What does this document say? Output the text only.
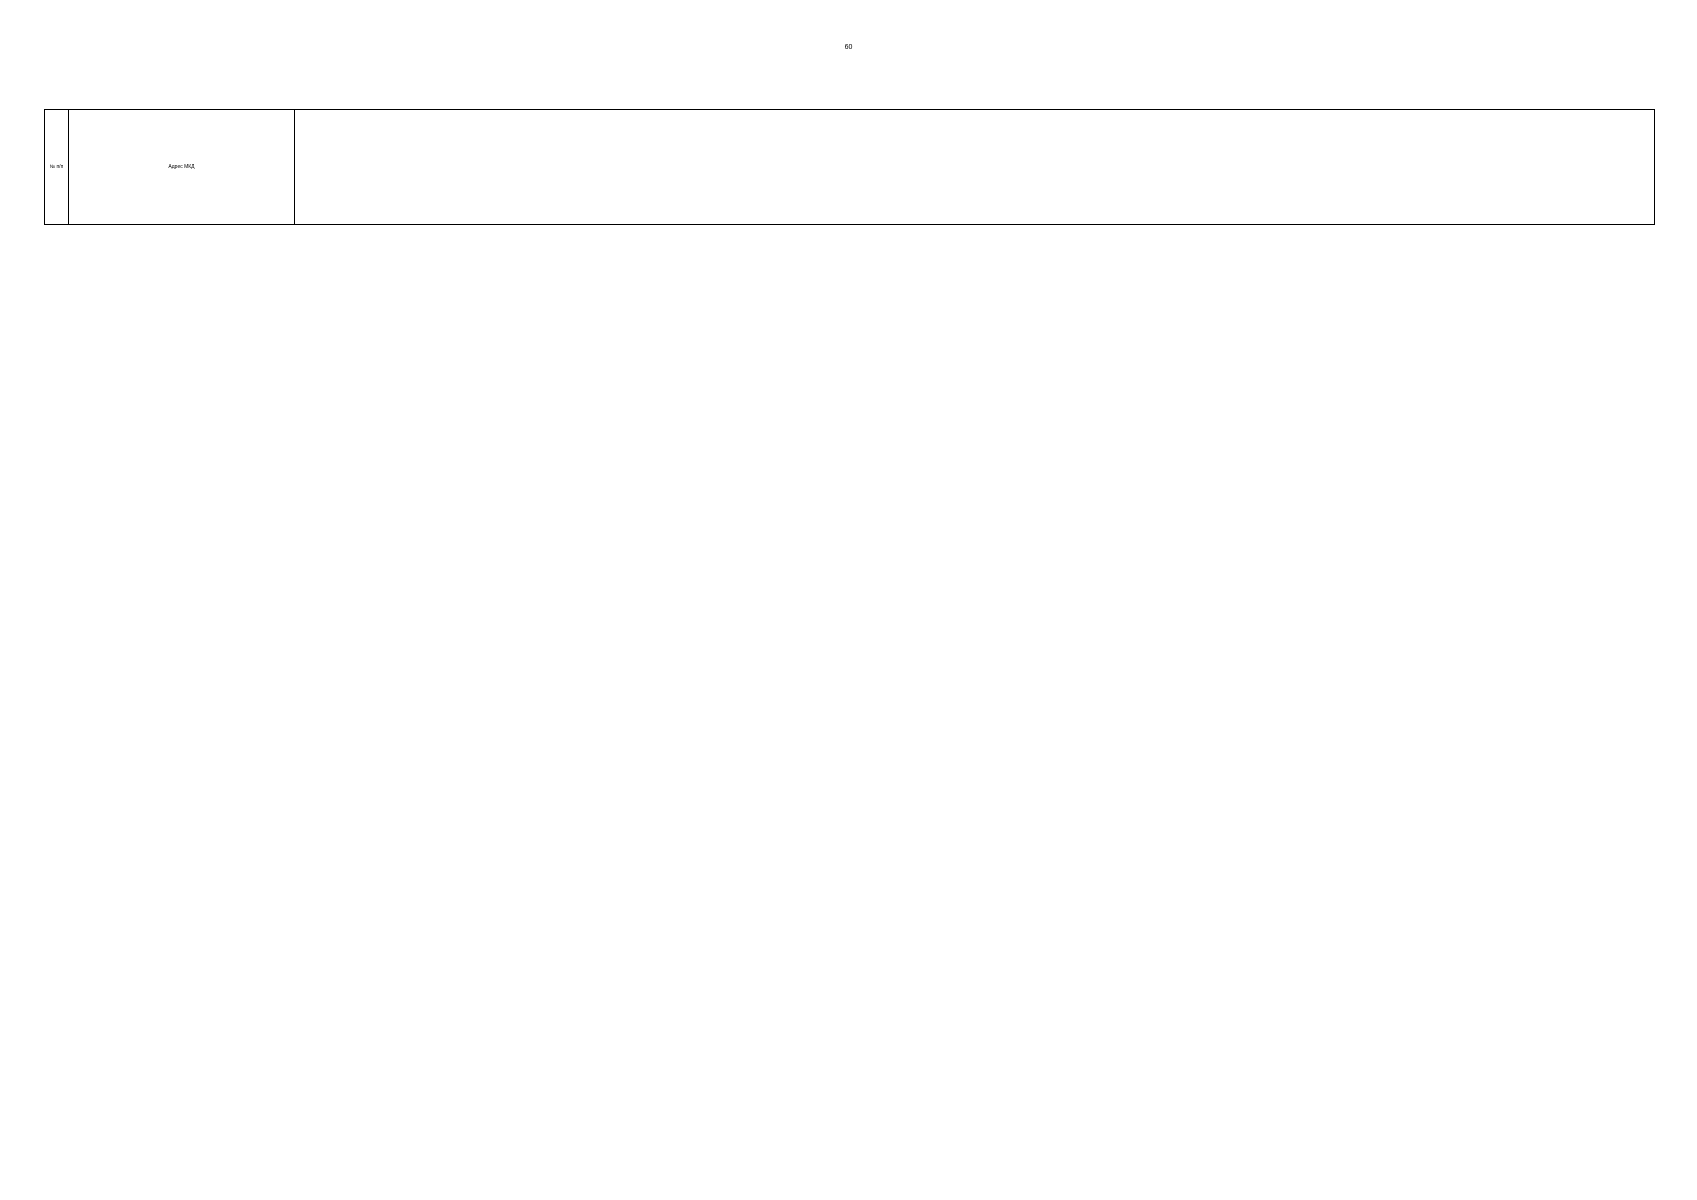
60
№ п/п	Адрес МКД	
